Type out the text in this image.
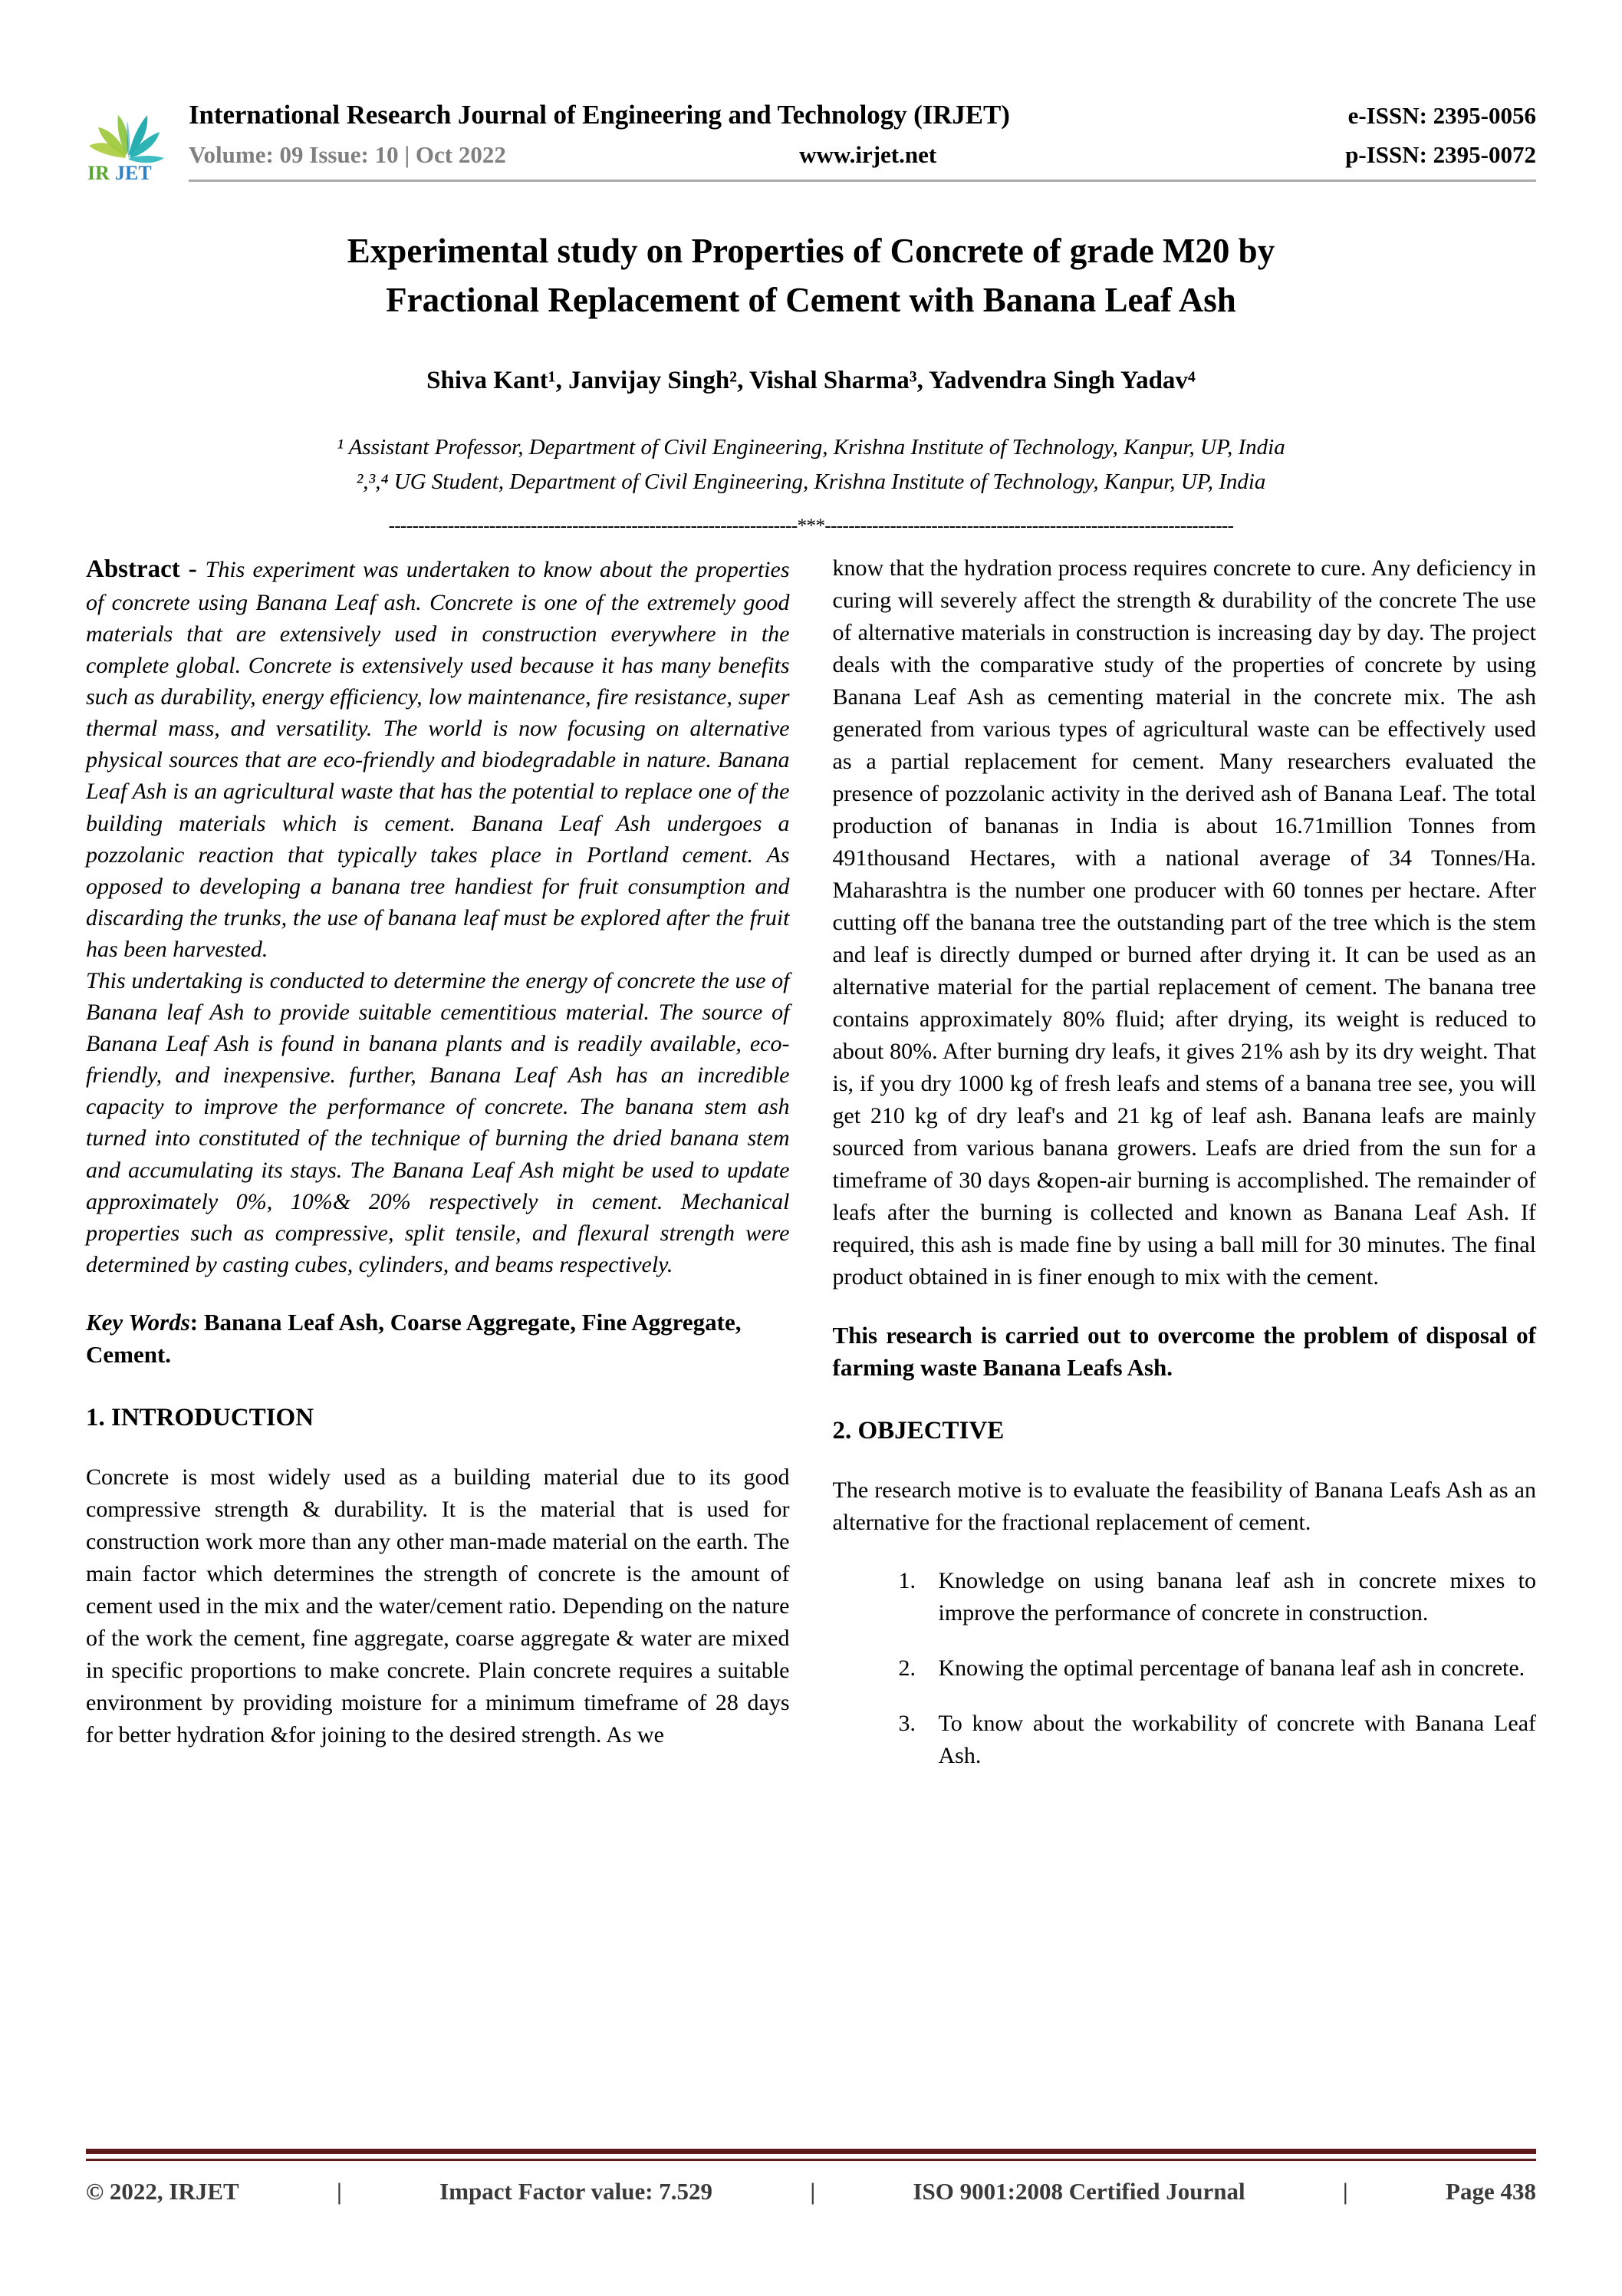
IR JET
International Research Journal of Engineering and Technology (IRJET)	e-ISSN: 2395-0056
Volume: 09 Issue: 10 | Oct 2022	www.irjet.net	p-ISSN: 2395-0072
Experimental study on Properties of Concrete of grade M20 by
Fractional Replacement of Cement with Banana Leaf Ash
Shiva Kant¹, Janvijay Singh², Vishal Sharma³, Yadvendra Singh Yadav⁴
¹ Assistant Professor, Department of Civil Engineering, Krishna Institute of Technology, Kanpur, UP, India
²,³,⁴ UG Student, Department of Civil Engineering, Krishna Institute of Technology, Kanpur, UP, India
---------------------------------------------------------------------***---------------------------------------------------------------------

Abstract - This experiment was undertaken to know about the properties of concrete using Banana Leaf ash. Concrete is one of the extremely good materials that are extensively used in construction everywhere in the complete global. Concrete is extensively used because it has many benefits such as durability, energy efficiency, low maintenance, fire resistance, super thermal mass, and versatility. The world is now focusing on alternative physical sources that are eco-friendly and biodegradable in nature. Banana Leaf Ash is an agricultural waste that has the potential to replace one of the building materials which is cement. Banana Leaf Ash undergoes a pozzolanic reaction that typically takes place in Portland cement. As opposed to developing a banana tree handiest for fruit consumption and discarding the trunks, the use of banana leaf must be explored after the fruit has been harvested.

This undertaking is conducted to determine the energy of concrete the use of Banana leaf Ash to provide suitable cementitious material. The source of Banana Leaf Ash is found in banana plants and is readily available, eco-friendly, and inexpensive. further, Banana Leaf Ash has an incredible capacity to improve the performance of concrete. The banana stem ash turned into constituted of the technique of burning the dried banana stem and accumulating its stays. The Banana Leaf Ash might be used to update approximately 0%, 10%& 20% respectively in cement. Mechanical properties such as compressive, split tensile, and flexural strength were determined by casting cubes, cylinders, and beams respectively.

Key Words: Banana Leaf Ash, Coarse Aggregate, Fine Aggregate, Cement.

1. INTRODUCTION

Concrete is most widely used as a building material due to its good compressive strength & durability. It is the material that is used for construction work more than any other man-made material on the earth. The main factor which determines the strength of concrete is the amount of cement used in the mix and the water/cement ratio. Depending on the nature of the work the cement, fine aggregate, coarse aggregate & water are mixed in specific proportions to make concrete. Plain concrete requires a suitable environment by providing moisture for a minimum timeframe of 28 days for better hydration &for joining to the desired strength. As we

know that the hydration process requires concrete to cure. Any deficiency in curing will severely affect the strength & durability of the concrete The use of alternative materials in construction is increasing day by day. The project deals with the comparative study of the properties of concrete by using Banana Leaf Ash as cementing material in the concrete mix. The ash generated from various types of agricultural waste can be effectively used as a partial replacement for cement. Many researchers evaluated the presence of pozzolanic activity in the derived ash of Banana Leaf. The total production of bananas in India is about 16.71million Tonnes from 491thousand Hectares, with a national average of 34 Tonnes/Ha. Maharashtra is the number one producer with 60 tonnes per hectare. After cutting off the banana tree the outstanding part of the tree which is the stem and leaf is directly dumped or burned after drying it. It can be used as an alternative material for the partial replacement of cement. The banana tree contains approximately 80% fluid; after drying, its weight is reduced to about 80%. After burning dry leafs, it gives 21% ash by its dry weight. That is, if you dry 1000 kg of fresh leafs and stems of a banana tree see, you will get 210 kg of dry leaf's and 21 kg of leaf ash. Banana leafs are mainly sourced from various banana growers. Leafs are dried from the sun for a timeframe of 30 days &open-air burning is accomplished. The remainder of leafs after the burning is collected and known as Banana Leaf Ash. If required, this ash is made fine by using a ball mill for 30 minutes. The final product obtained in is finer enough to mix with the cement.

This research is carried out to overcome the problem of disposal of farming waste Banana Leafs Ash.

2. OBJECTIVE

The research motive is to evaluate the feasibility of Banana Leafs Ash as an alternative for the fractional replacement of cement.

1. Knowledge on using banana leaf ash in concrete mixes to improve the performance of concrete in construction.
2. Knowing the optimal percentage of banana leaf ash in concrete.
3. To know about the workability of concrete with Banana Leaf Ash.
© 2022, IRJET	|	Impact Factor value: 7.529	|	ISO 9001:2008 Certified Journal	|	Page 438
